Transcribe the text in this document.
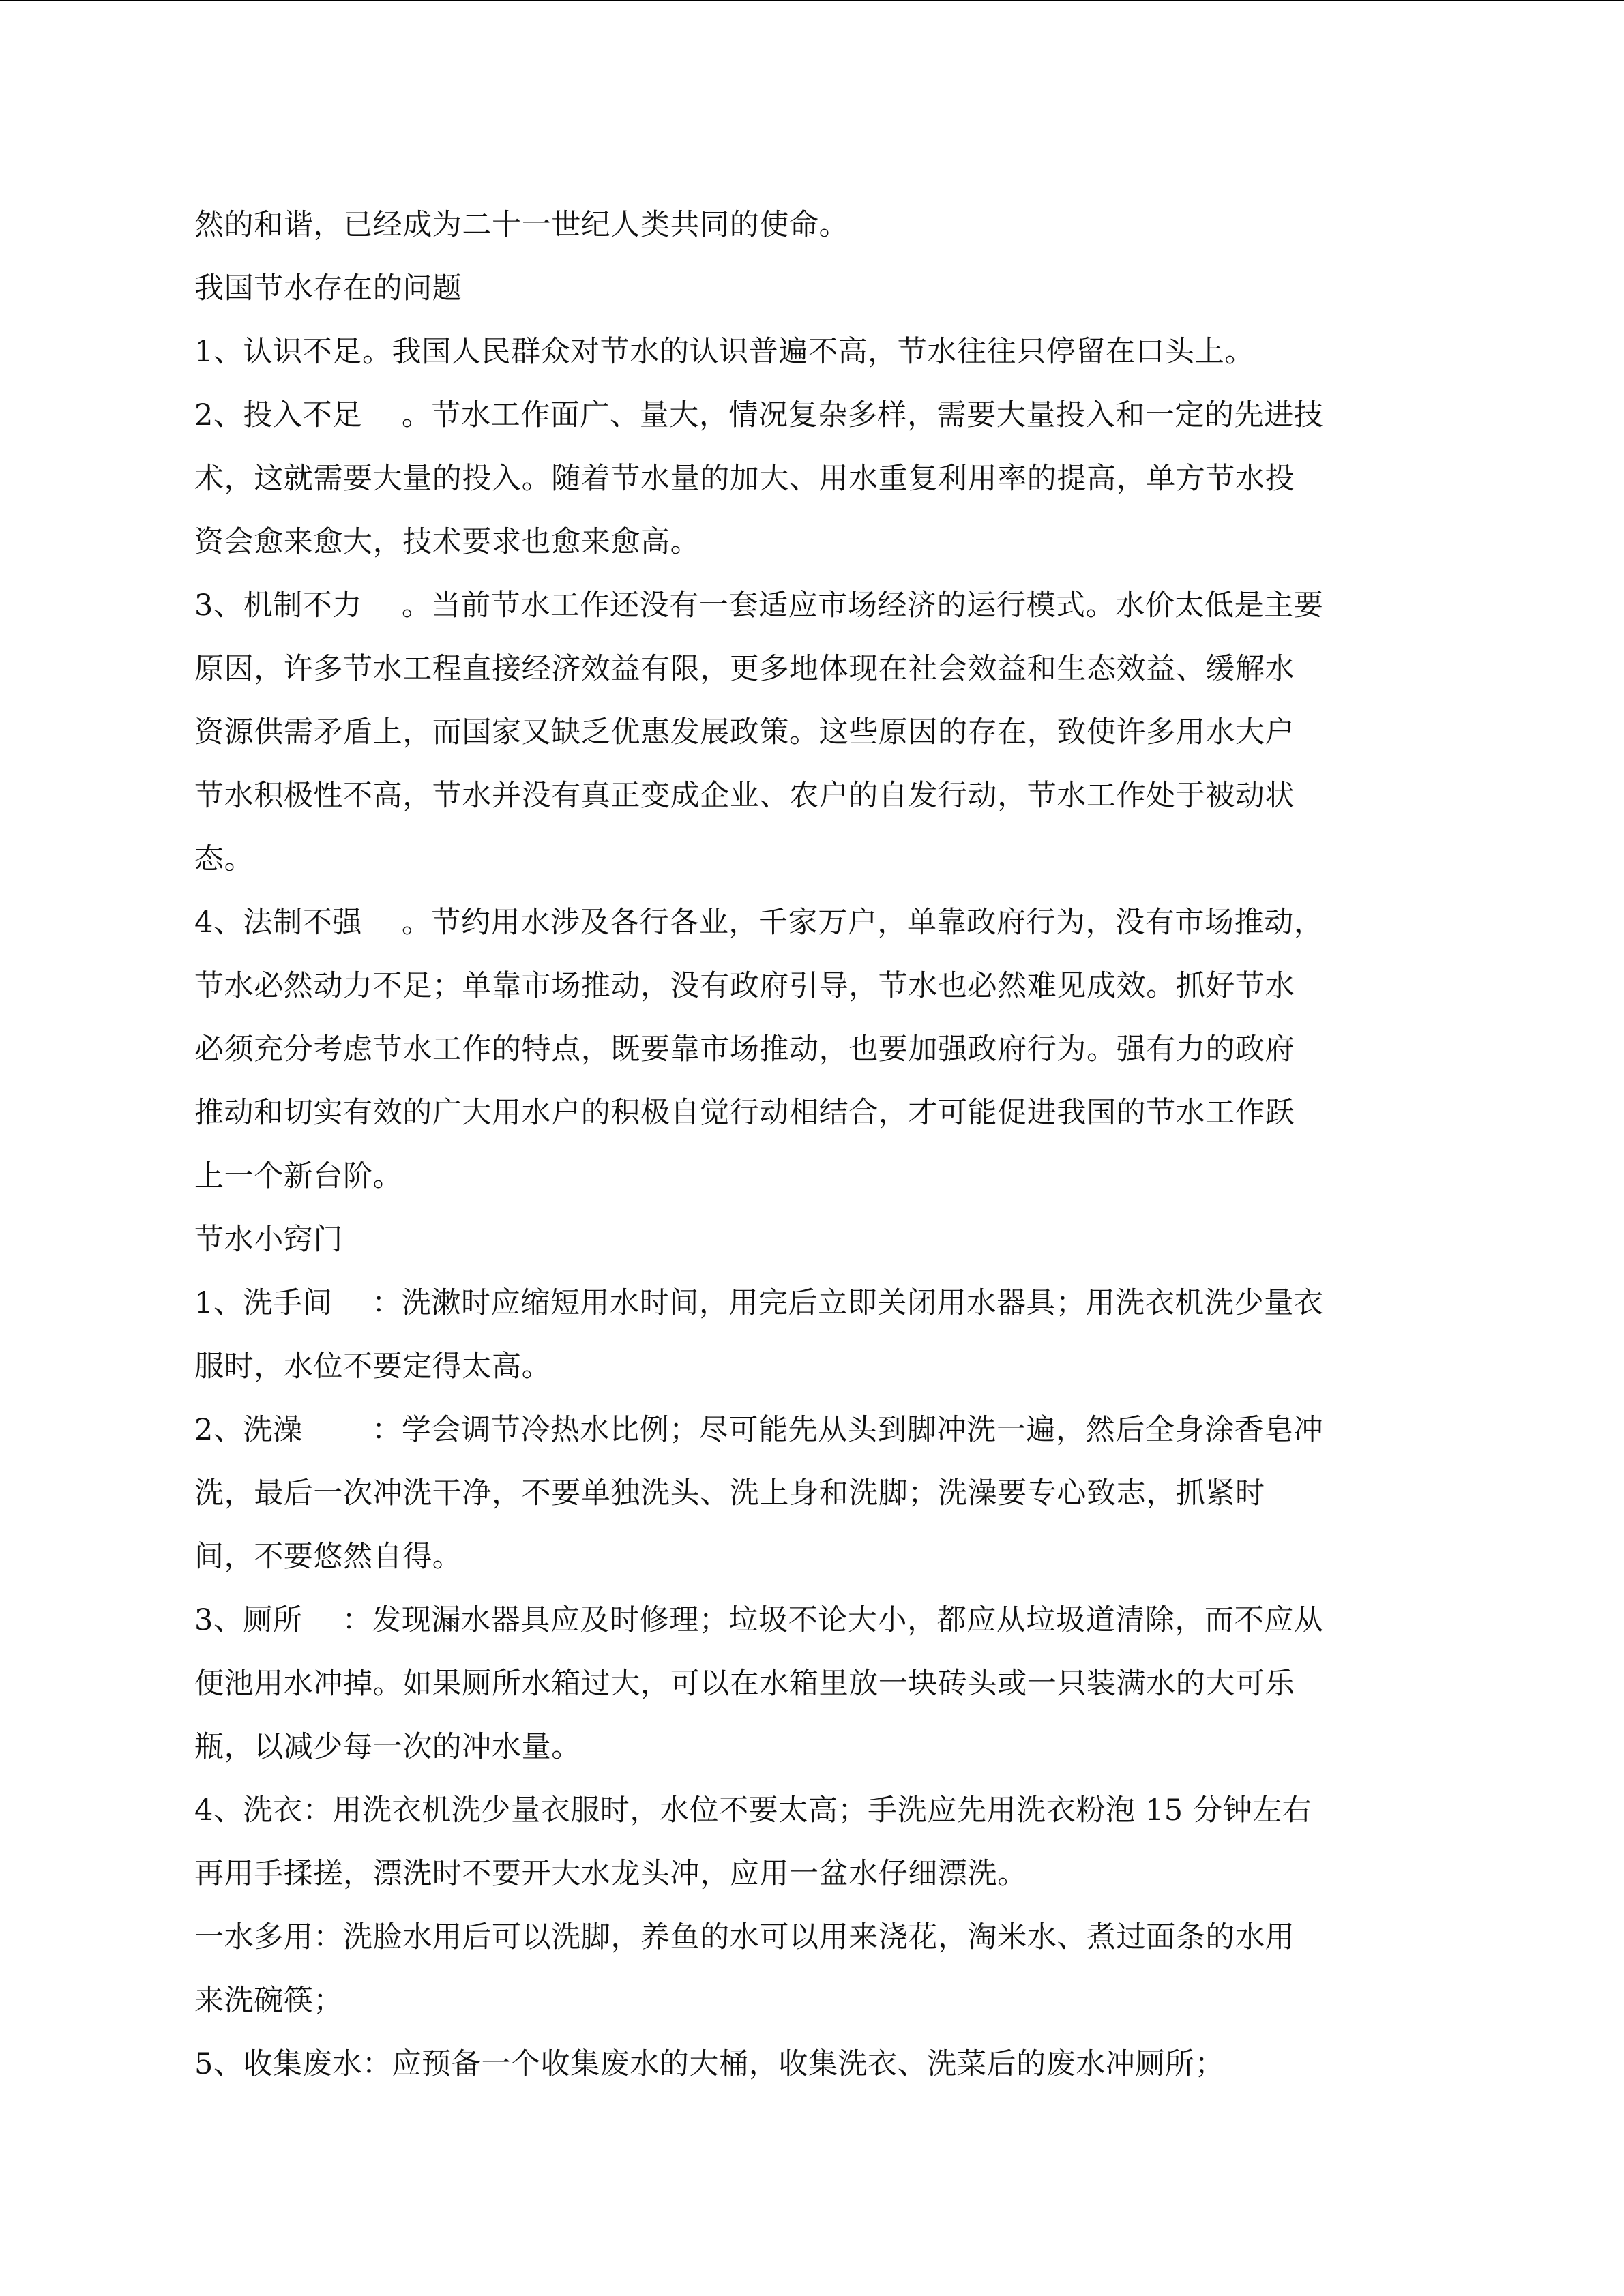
然的和谐，已经成为二十一世纪人类共同的使命。
我国节水存在的问题
1、认识不足。我国人民群众对节水的认识普遍不高，节水往往只停留在口头上。
2、投入不足　 。节水工作面广、量大，情况复杂多样，需要大量投入和一定的先进技
术，这就需要大量的投入。随着节水量的加大、用水重复利用率的提高，单方节水投
资会愈来愈大，技术要求也愈来愈高。
3、机制不力　 。当前节水工作还没有一套适应市场经济的运行模式。水价太低是主要
原因，许多节水工程直接经济效益有限，更多地体现在社会效益和生态效益、缓解水
资源供需矛盾上，而国家又缺乏优惠发展政策。这些原因的存在，致使许多用水大户
节水积极性不高，节水并没有真正变成企业、农户的自发行动，节水工作处于被动状
态。
4、法制不强　 。节约用水涉及各行各业，千家万户，单靠政府行为，没有市场推动，
节水必然动力不足；单靠市场推动，没有政府引导，节水也必然难见成效。抓好节水
必须充分考虑节水工作的特点，既要靠市场推动，也要加强政府行为。强有力的政府
推动和切实有效的广大用水户的积极自觉行动相结合，才可能促进我国的节水工作跃
上一个新台阶。
节水小窍门
1、洗手间　 ：洗漱时应缩短用水时间，用完后立即关闭用水器具；用洗衣机洗少量衣
服时，水位不要定得太高。
2、洗澡　　 ：学会调节冷热水比例；尽可能先从头到脚冲洗一遍，然后全身涂香皂冲
洗，最后一次冲洗干净，不要单独洗头、洗上身和洗脚；洗澡要专心致志，抓紧时
间，不要悠然自得。
3、厕所　 ：发现漏水器具应及时修理；垃圾不论大小，都应从垃圾道清除，而不应从
便池用水冲掉。如果厕所水箱过大，可以在水箱里放一块砖头或一只装满水的大可乐
瓶，以减少每一次的冲水量。
4、洗衣：用洗衣机洗少量衣服时，水位不要太高；手洗应先用洗衣粉泡 15 分钟左右
再用手揉搓，漂洗时不要开大水龙头冲，应用一盆水仔细漂洗。
一水多用：洗脸水用后可以洗脚，养鱼的水可以用来浇花，淘米水、煮过面条的水用
来洗碗筷；
5、收集废水：应预备一个收集废水的大桶，收集洗衣、洗菜后的废水冲厕所；
